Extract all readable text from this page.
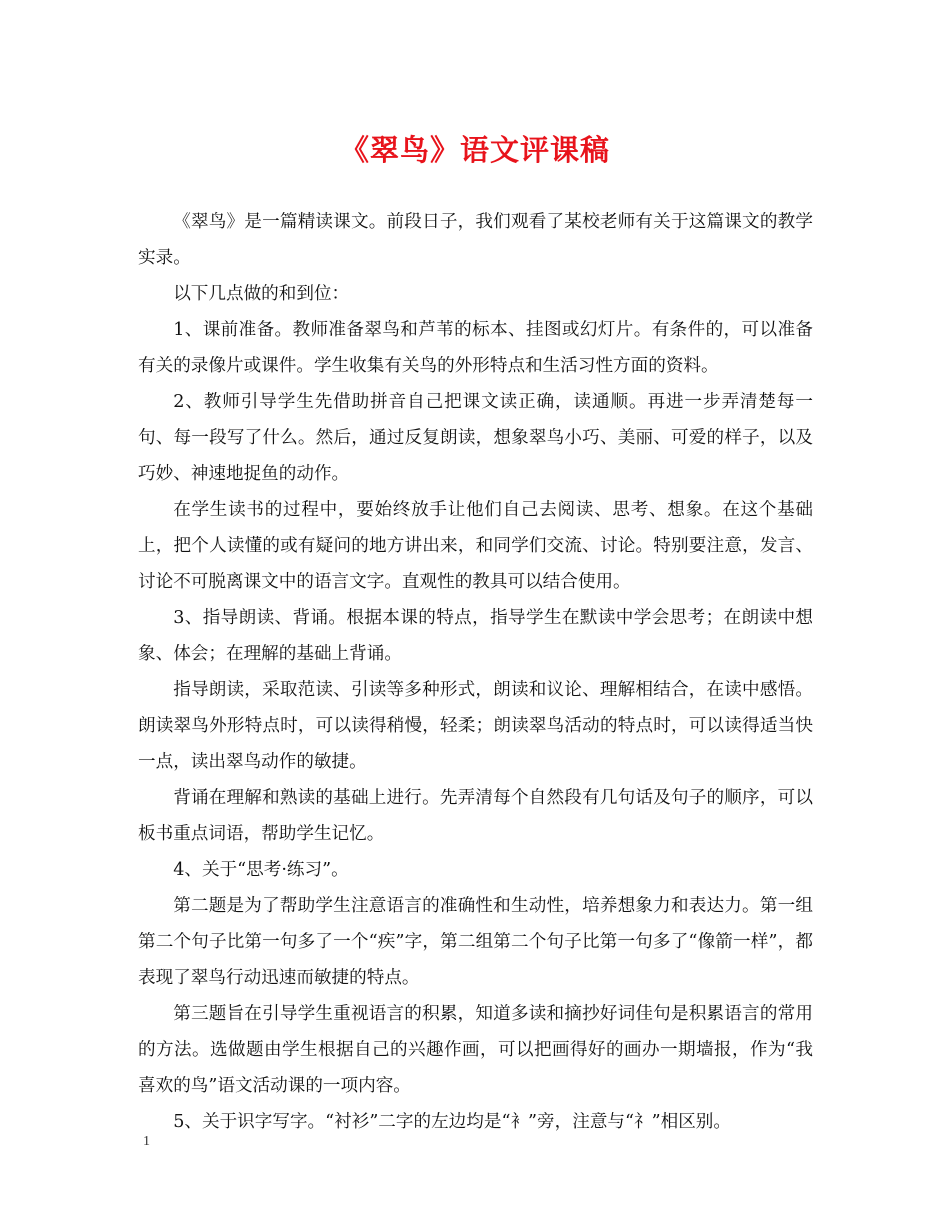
《翠鸟》语文评课稿

《翠鸟》是一篇精读课文。前段日子，我们观看了某校老师有关于这篇课文的教学实录。

以下几点做的和到位：

1、课前准备。教师准备翠鸟和芦苇的标本、挂图或幻灯片。有条件的，可以准备有关的录像片或课件。学生收集有关鸟的外形特点和生活习性方面的资料。

2、教师引导学生先借助拼音自己把课文读正确，读通顺。再进一步弄清楚每一句、每一段写了什么。然后，通过反复朗读，想象翠鸟小巧、美丽、可爱的样子，以及巧妙、神速地捉鱼的动作。

在学生读书的过程中，要始终放手让他们自己去阅读、思考、想象。在这个基础上，把个人读懂的或有疑问的地方讲出来，和同学们交流、讨论。特别要注意，发言、讨论不可脱离课文中的语言文字。直观性的教具可以结合使用。

3、指导朗读、背诵。根据本课的特点，指导学生在默读中学会思考；在朗读中想象、体会；在理解的基础上背诵。

指导朗读，采取范读、引读等多种形式，朗读和议论、理解相结合，在读中感悟。朗读翠鸟外形特点时，可以读得稍慢，轻柔；朗读翠鸟活动的特点时，可以读得适当快一点，读出翠鸟动作的敏捷。

背诵在理解和熟读的基础上进行。先弄清每个自然段有几句话及句子的顺序，可以板书重点词语，帮助学生记忆。

4、关于“思考·练习”。

第二题是为了帮助学生注意语言的准确性和生动性，培养想象力和表达力。第一组第二个句子比第一句多了一个“疾”字，第二组第二个句子比第一句多了“像箭一样”，都表现了翠鸟行动迅速而敏捷的特点。

第三题旨在引导学生重视语言的积累，知道多读和摘抄好词佳句是积累语言的常用的方法。选做题由学生根据自己的兴趣作画，可以把画得好的画办一期墙报，作为“我喜欢的鸟”语文活动课的一项内容。

5、关于识字写字。“衬衫”二字的左边均是“衤”旁，注意与“礻”相区别。

1
